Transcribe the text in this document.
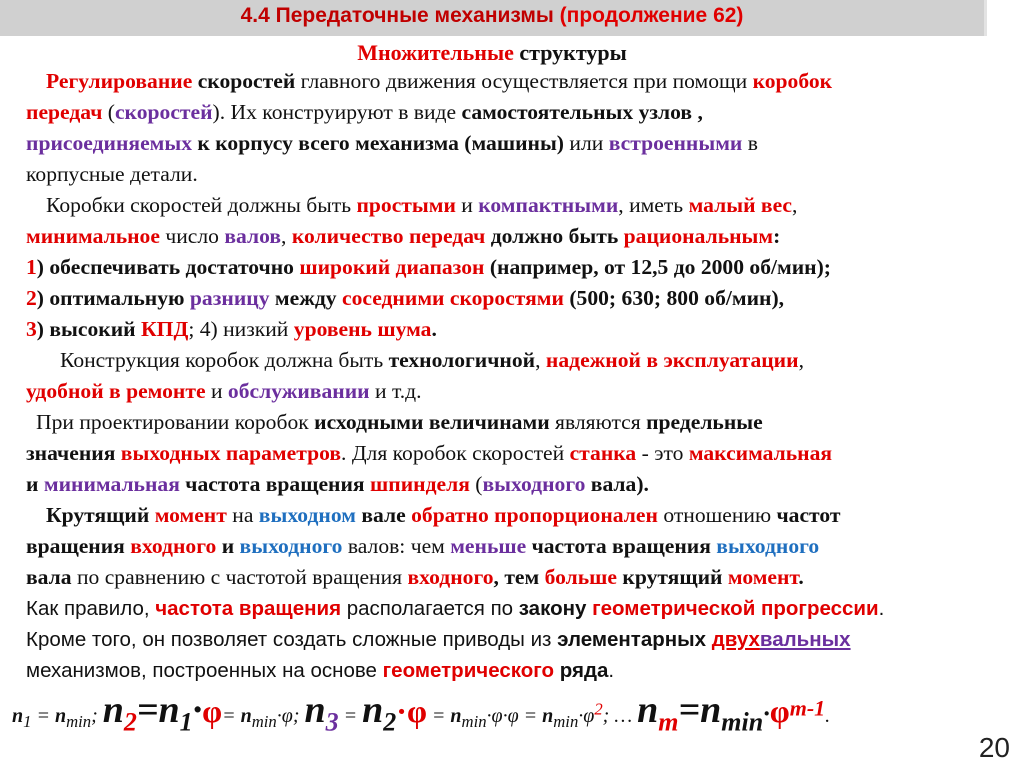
4.4 Передаточные механизмы (продолжение 62)
Множительные структуры
Регулирование скоростей главного движения осуществляется при помощи коробок
передач (скоростей). Их конструируют в виде самостоятельных узлов ,
присоединяемых к корпусу всего механизма (машины) или встроенными в
корпусные детали.
Коробки скоростей должны быть простыми и компактными, иметь малый вес,
минимальное число валов, количество передач должно быть рациональным:
1) обеспечивать достаточно широкий диапазон (например, от 12,5 до 2000 об/мин);
2) оптимальную разницу между соседними скоростями (500; 630; 800 об/мин),
3) высокий КПД; 4) низкий уровень шума.
Конструкция коробок должна быть технологичной, надежной в эксплуатации,
удобной в ремонте и обслуживании и т.д.
При проектировании коробок исходными величинами являются предельные
значения выходных параметров. Для коробок скоростей станка - это максимальная
и минимальная частота вращения шпинделя (выходного вала).
Крутящий момент на выходном вале обратно пропорционален отношению частот
вращения входного и выходного валов: чем меньше частота вращения выходного
вала по сравнению с частотой вращения входного, тем больше крутящий момент.
Как правило, частота вращения располагается по закону геометрической прогрессии.
Кроме того, он позволяет создать сложные приводы из элементарных двухвальных
механизмов, построенных на основе геометрического ряда.
$n_1 = n_{min}$; $n_2=n_1\cdot\varphi= n_{min}\cdot\varphi$; $n_3 = n_2\cdot\varphi = n_{min}\cdot\varphi\cdot\varphi = n_{min}\cdot\varphi^2$; … $n_m=n_{min}\cdot\varphi^{m-1}$.
20
